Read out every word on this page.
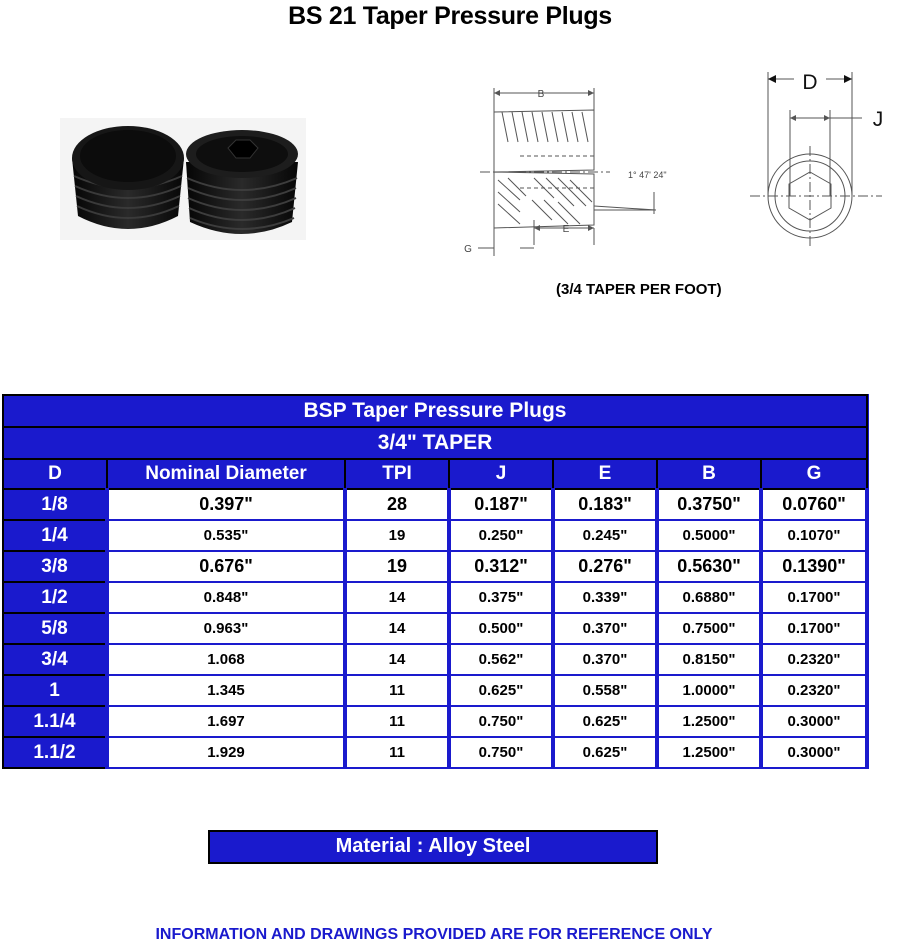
BS 21 Taper Pressure Plugs
B
E
G
1° 47' 24"
D
J
(3/4 TAPER PER FOOT)
BSP Taper Pressure Plugs						
3/4" TAPER						
D	Nominal Diameter	TPI	J	E	B	G
1/8	0.397"	28	0.187"	0.183"	0.3750"	0.0760"
1/4	0.535"	19	0.250"	0.245"	0.5000"	0.1070"
3/8	0.676"	19	0.312"	0.276"	0.5630"	0.1390"
1/2	0.848"	14	0.375"	0.339"	0.6880"	0.1700"
5/8	0.963"	14	0.500"	0.370"	0.7500"	0.1700"
3/4	1.068	14	0.562"	0.370"	0.8150"	0.2320"
1	1.345	11	0.625"	0.558"	1.0000"	0.2320"
1.1/4	1.697	11	0.750"	0.625"	1.2500"	0.3000"
1.1/2	1.929	11	0.750"	0.625"	1.2500"	0.3000"
Material : Alloy Steel
INFORMATION AND DRAWINGS PROVIDED ARE FOR REFERENCE ONLY
